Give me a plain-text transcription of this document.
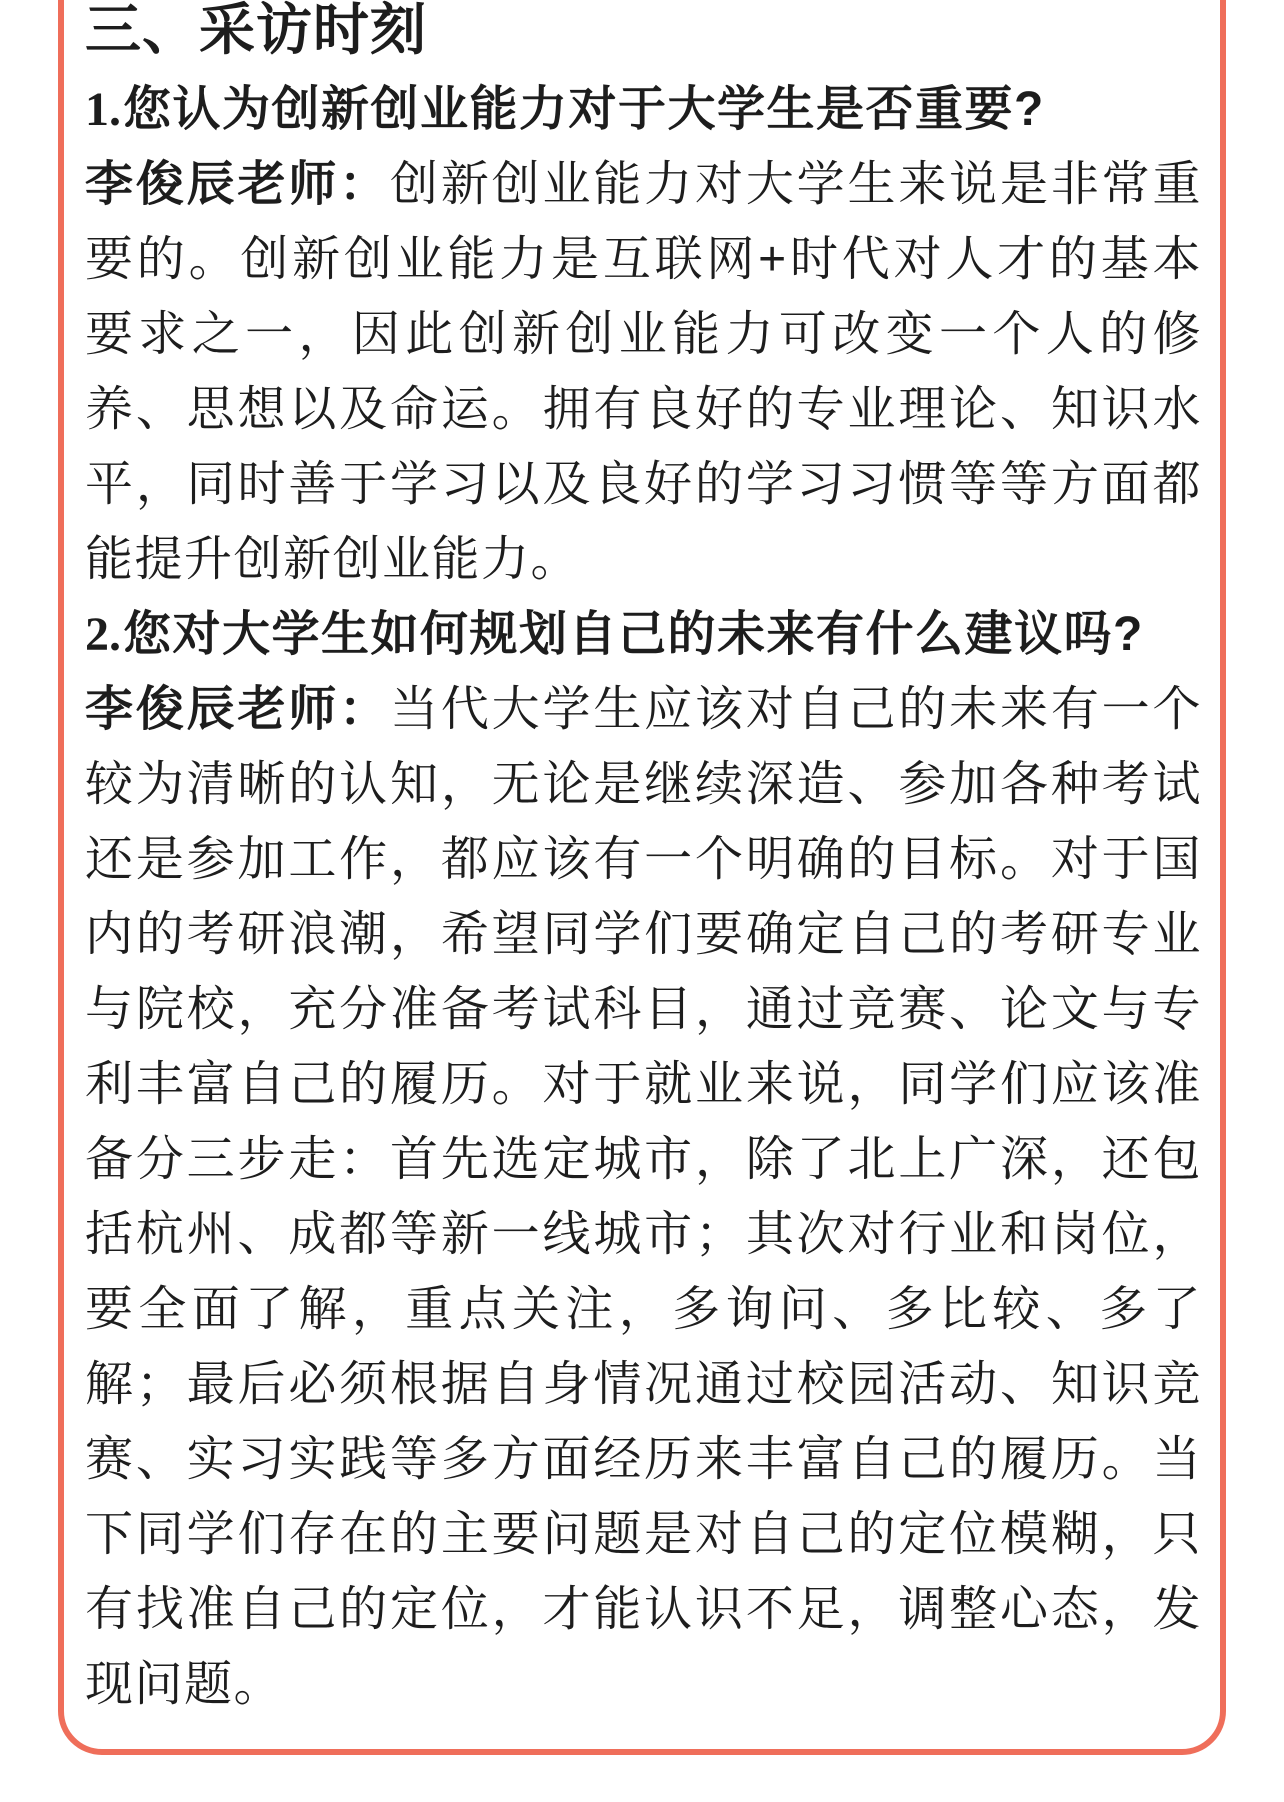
三、采访时刻

1.您认为创新创业能力对于大学生是否重要?

李俊辰老师：创新创业能力对大学生来说是非常重要的。创新创业能力是互联网+时代对人才的基本要求之一，因此创新创业能力可改变一个人的修养、思想以及命运。拥有良好的专业理论、知识水平，同时善于学习以及良好的学习习惯等等方面都能提升创新创业能力。

2.您对大学生如何规划自己的未来有什么建议吗?

李俊辰老师：当代大学生应该对自己的未来有一个较为清晰的认知，无论是继续深造、参加各种考试还是参加工作，都应该有一个明确的目标。对于国内的考研浪潮，希望同学们要确定自己的考研专业与院校，充分准备考试科目，通过竞赛、论文与专利丰富自己的履历。对于就业来说，同学们应该准备分三步走：首先选定城市，除了北上广深，还包括杭州、成都等新一线城市；其次对行业和岗位，要全面了解，重点关注，多询问、多比较、多了解；最后必须根据自身情况通过校园活动、知识竞赛、实习实践等多方面经历来丰富自己的履历。当下同学们存在的主要问题是对自己的定位模糊，只有找准自己的定位，才能认识不足，调整心态，发现问题。
